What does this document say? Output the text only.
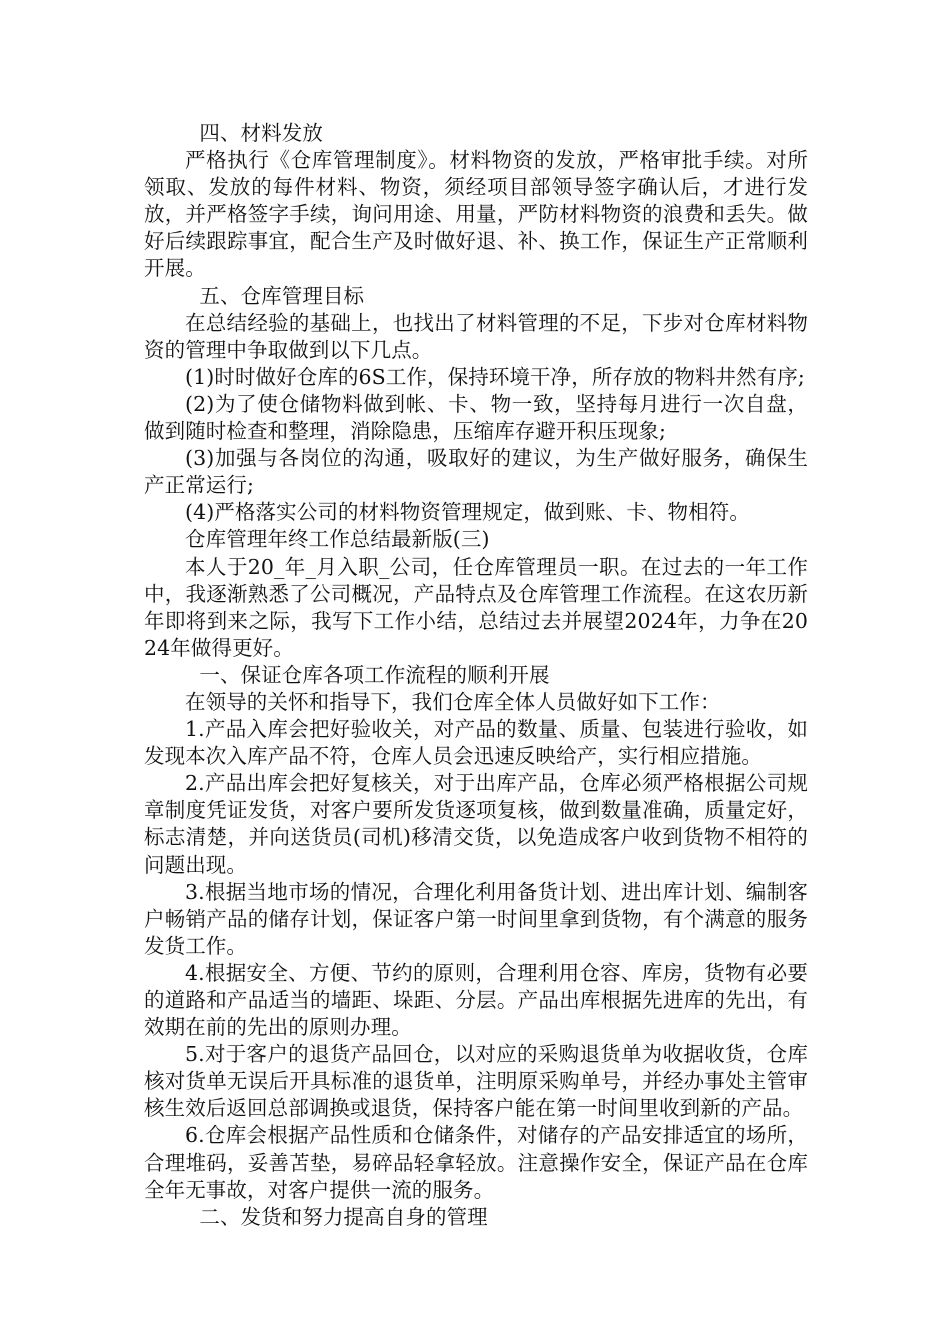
四、材料发放

严格执行《仓库管理制度》。材料物资的发放，严格审批手续。对所领取、发放的每件材料、物资，须经项目部领导签字确认后，才进行发放，并严格签字手续，询问用途、用量，严防材料物资的浪费和丢失。做好后续跟踪事宜，配合生产及时做好退、补、换工作，保证生产正常顺利开展。

五、仓库管理目标

在总结经验的基础上，也找出了材料管理的不足，下步对仓库材料物资的管理中争取做到以下几点。

(1)时时做好仓库的6S工作，保持环境干净，所存放的物料井然有序;

(2)为了使仓储物料做到帐、卡、物一致，坚持每月进行一次自盘，做到随时检查和整理，消除隐患，压缩库存避开积压现象;

(3)加强与各岗位的沟通，吸取好的建议，为生产做好服务，确保生产正常运行;

(4)严格落实公司的材料物资管理规定，做到账、卡、物相符。

仓库管理年终工作总结最新版(三)

本人于20_年_月入职_公司，任仓库管理员一职。在过去的一年工作中，我逐渐熟悉了公司概况，产品特点及仓库管理工作流程。在这农历新年即将到来之际，我写下工作小结，总结过去并展望2024年，力争在2024年做得更好。

一、保证仓库各项工作流程的顺利开展

在领导的关怀和指导下，我们仓库全体人员做好如下工作：

1.产品入库会把好验收关，对产品的数量、质量、包装进行验收，如发现本次入库产品不符，仓库人员会迅速反映给产，实行相应措施。

2.产品出库会把好复核关，对于出库产品，仓库必须严格根据公司规章制度凭证发货，对客户要所发货逐项复核，做到数量准确，质量定好，标志清楚，并向送货员(司机)移清交货，以免造成客户收到货物不相符的问题出现。

3.根据当地市场的情况，合理化利用备货计划、进出库计划、编制客户畅销产品的储存计划，保证客户第一时间里拿到货物，有个满意的服务发货工作。

4.根据安全、方便、节约的原则，合理利用仓容、库房，货物有必要的道路和产品适当的墙距、垛距、分层。产品出库根据先进库的先出，有效期在前的先出的原则办理。

5.对于客户的退货产品回仓，以对应的采购退货单为收据收货，仓库核对货单无误后开具标准的退货单，注明原采购单号，并经办事处主管审核生效后返回总部调换或退货，保持客户能在第一时间里收到新的产品。

6.仓库会根据产品性质和仓储条件，对储存的产品安排适宜的场所，合理堆码，妥善苫垫，易碎品轻拿轻放。注意操作安全，保证产品在仓库全年无事故，对客户提供一流的服务。

二、发货和努力提高自身的管理
